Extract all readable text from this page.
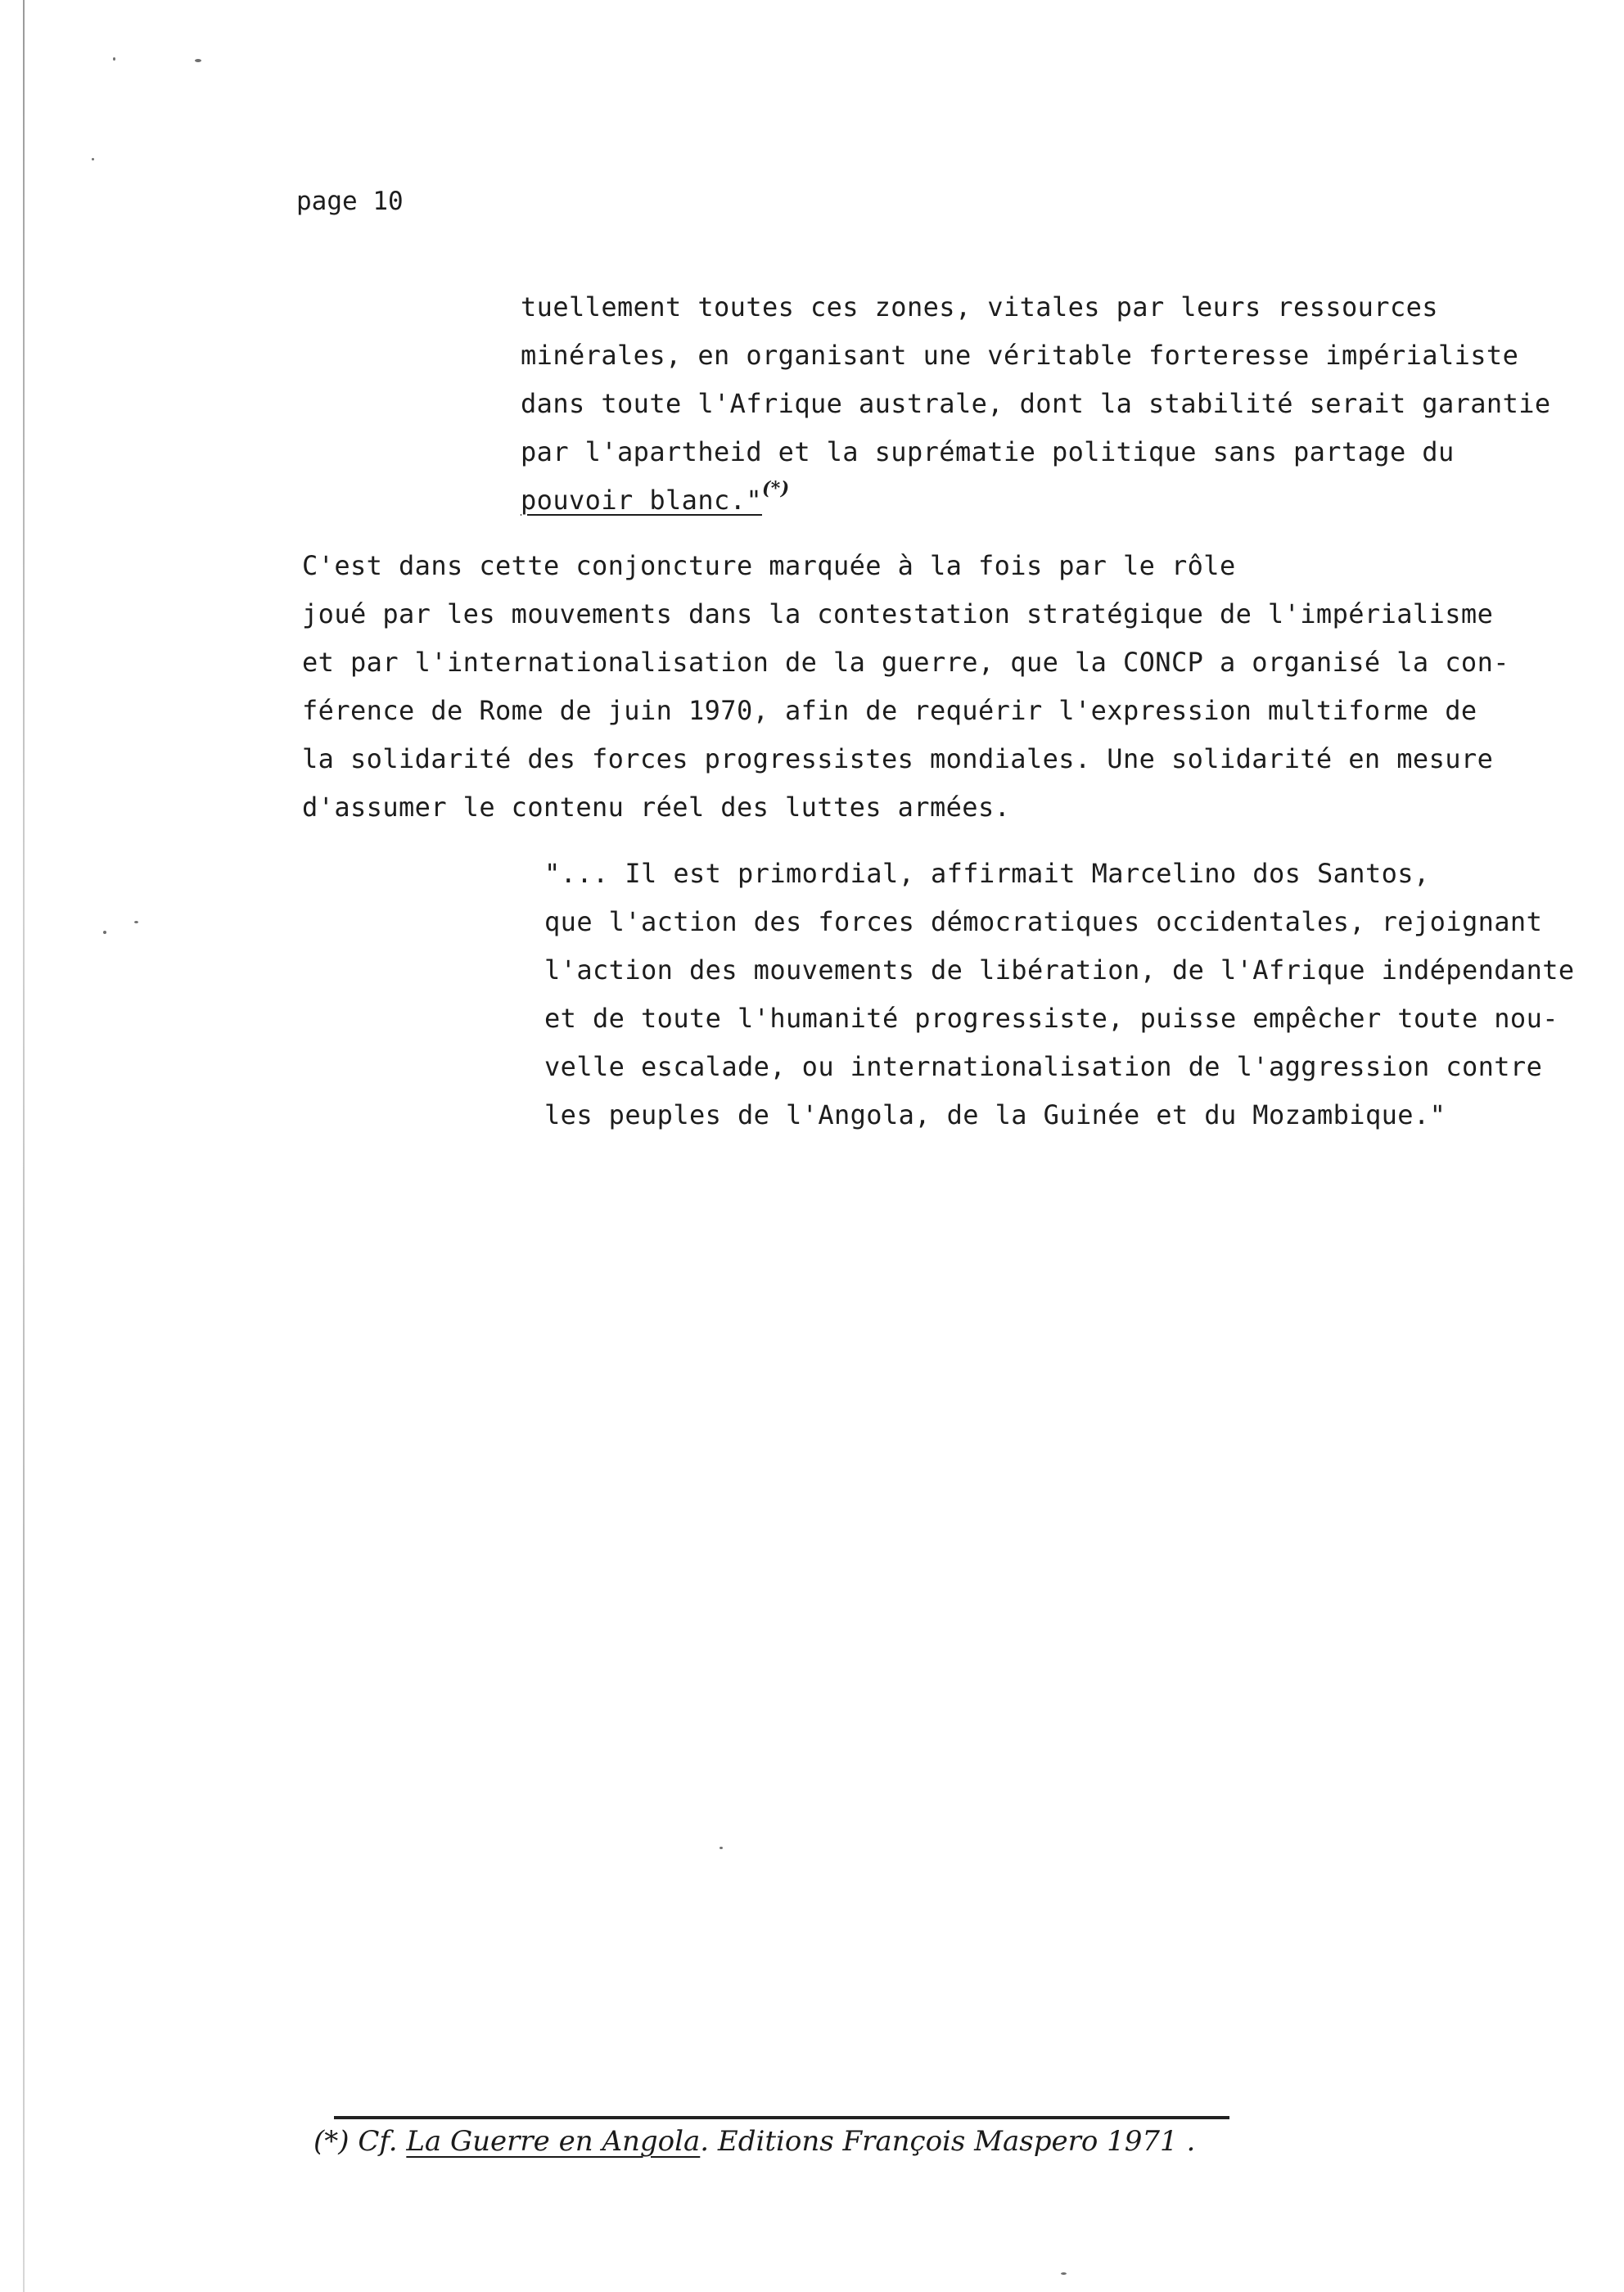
page 10
tuellement toutes ces zones, vitales par leurs ressources
minérales, en organisant une véritable forteresse impérialiste
dans toute l'Afrique australe, dont la stabilité serait garantie
par l'apartheid et la suprématie politique sans partage du
pouvoir blanc."(*)
C'est dans cette conjoncture marquée à la fois par le rôle
joué par les mouvements dans la contestation stratégique de l'impérialisme
et par l'internationalisation de la guerre, que la CONCP a organisé la con-
férence de Rome de juin 1970, afin de requérir l'expression multiforme de
la solidarité des forces progressistes mondiales. Une solidarité en mesure
d'assumer le contenu réel des luttes armées.
"... Il est primordial, affirmait Marcelino dos Santos,
que l'action des forces démocratiques occidentales, rejoignant
l'action des mouvements de libération, de l'Afrique indépendante
et de toute l'humanité progressiste, puisse empêcher toute nou-
velle escalade, ou internationalisation de l'aggression contre
les peuples de l'Angola, de la Guinée et du Mozambique."
(*) Cf. La Guerre en Angola. Editions François Maspero 1971 .
